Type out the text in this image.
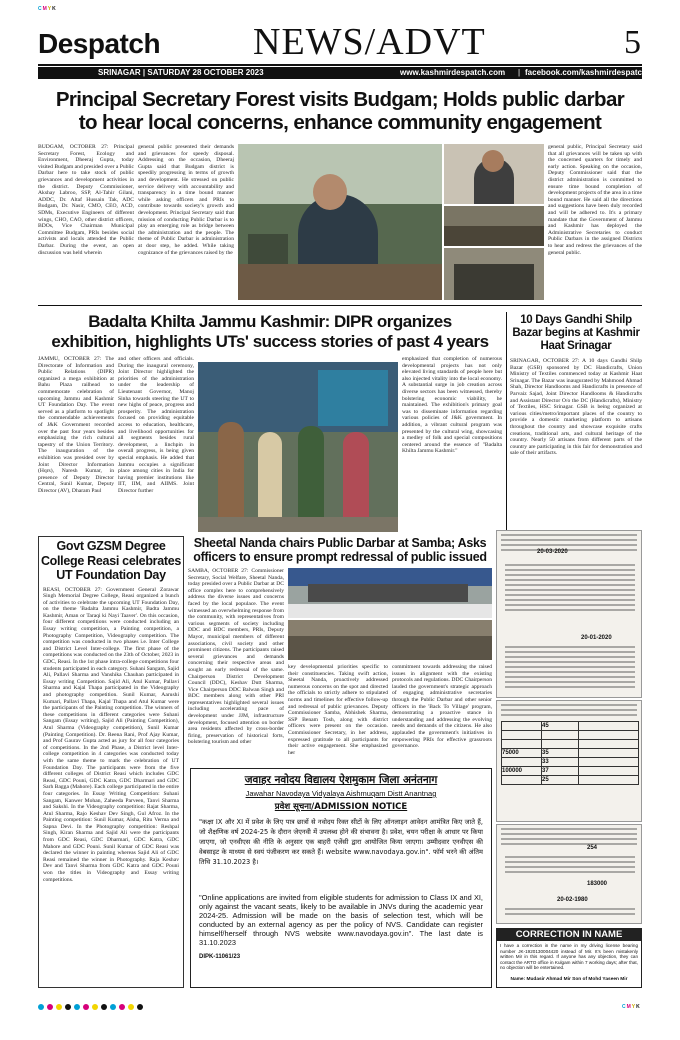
C M Y K
Despatch NEWS/ADVT	5
SRINAGAR | SATURDAY 28 OCTOBER 2023	www.kashmirdespatch.com | facebook.com/kashmirdespatch
Principal Secretary Forest visits Budgam; Holds public darbar
to hear local concerns, enhance community engagement
BUDGAM, OCTOBER 27: Principal Secretary Forest, Ecology and Environment, Dheeraj Gupta, today visited Budgam and presided over a Public Darbar here to take stock of public grievances and development activities in the district. Deputy Commissioner, Akshay Labroo, SSP, Al-Tahir Gilani, ADDC, Dr. Altaf Hussain Tak, ADC Budgam, Dr. Nasir, CMO, CEO, ACD, SDMs, Executive Engineers of different wings, CHO, CAO, other district officers, BDOs, Vice Chairman Municipal Committee Budgam, PRIs besides social activists and locals attended the Public Darbar. During the event, an open discussion was held wherein
general public presented their demands and grievances for speedy disposal. Addressing on the occasion, Dheeraj Gupta said that Budgam district is speedily progressing in terms of growth and development. He stressed on public service delivery with accountability and transparency in a time bound manner while asking officers and PRIs to contribute towards society's growth and development. Principal Secretary said that mission of conducting Public Darbar is to play an emerging role as bridge between the administration and the people. The theme of Public Darbar is administration at door step, he added. While taking cognizance of the grievances raised by the
general public, Principal Secretary said that all grievances will be taken up with the concerned quarters for timely and early action. Speaking on the occasion, Deputy Commissioner said that the district administration is committed to ensure time bound completion of development projects of the area in a time bound manner. He said all the directions and suggestions have been duly recorded and will be adhered to. It's a primary mandate that the Government of Jammu and Kashmir has deployed the Administrative Secretaries to conduct Public Darbars in the assigned Districts to hear and redress the grievances of the general public.
Badalta Khilta Jammu Kashmir: DIPR organizes
exhibition, highlights UTs' success stories of past 4 years
JAMMU, OCTOBER 27: The Directorate of Information and Public Relations (DIPR) organized a mega exhibition at Bahu Plaza railhead to commemorate celebration of upcoming Jammu and Kashmir UT Foundation Day. The event served as a platform to spotlight the commendable achievements of J&K Government recorded over the past four years besides emphasizing the rich cultural tapestry of the Union Territory. The inauguration of the exhibition was presided over by Joint Director Information (Hqrs), Naresh Kumar, in presence of Deputy Director Central, Sunil Kumar, Deputy Director (AV), Dharam Paul
and other officers and officials. During the inaugural ceremony, Joint Director highlighted the priorities of the administration under the leadership of Lieutenant Governor, Manoj Sinha towards steering the UT to new highs of peace, progress and prosperity. The administration focused on providing equitable access to education, healthcare, and livelihood opportunities for all segments besides rural development, a linchpin in overall progress, is being given special emphasis. He added that Jammu occupies a significant place among cities in India for having premier institutions like IIT, IIM, and AIIMS. Joint Director further
emphasized that completion of numerous developmental projects has not only elevated living standards of people here but also injected vitality into the local economy. A substantial surge in job creation across diverse sectors has been witnessed, thereby bolstering economic viability, he maintained. The exhibition's primary goal was to disseminate information regarding various policies of J&K government. In addition, a vibrant cultural program was presented by the cultural wing, showcasing a medley of folk and special compositions centered around the essence of "Badalta Khilta Jammu Kashmir."
10 Days Gandhi Shilp
Bazar begins at Kashmir
Haat Srinagar
SRINAGAR, OCTOBER 27: A 10 days Gandhi Shilp Bazar (GSB) sponsored by DC Handicrafts, Union Ministry of Textiles commenced today at Kashmir Haat Srinagar. The Bazar was inaugurated by Mahmood Ahmad Shah, Director Handlooms and Handicrafts in presence of Parvaiz Sajad, Joint Director Handlooms & Handicrafts and Assistant Director O/o the DC (Handicrafts), Ministry of Textiles, HSC Srinagar. GSB is being organized at various cities/metro/important places of the country to provide a domestic marketing platform to artisans throughout the country and showcase exquisite crafts creations, traditional arts, and cultural heritage of the country. Nearly 50 artisans from different parts of the country are participating in this fair for demonstration and sale of their artifacts.
20-03-2020
20-01-2020
	45	

75000	35	
	33	
100000	37	
	25	
254
183000
20-02-1980
Govt GZSM Degree
College Reasi celebrates
UT Foundation Day
REASI, OCTOBER 27: Government General Zorawar Singh Memorial Degree College, Reasi organized a bunch of activities to celebrate the upcoming UT Foundation Day, on the theme 'Badalta Jammu Kashmir, Badta Jammu Kashmir, Aman or Taraqi ki Nayi Taaver'. On this occasion, four different competitions were conducted including an Essay writing competition, a Painting competition, a Photography Competition, Videography competition. The competition was conducted in two phases i.e. Inter College and District Level Inter-college. The first phase of the competitions was conducted on the 23th of October, 2023 in GDC, Reasi. In the 1st phase intra-college competitions four students participated in each category. Suhani Sangam, Sajid Ali, Pallavi Sharma and Vanshika Chauhan participated in Essay writing Competition. Sajid Ali, Atul Kumar, Pallavi Sharma and Kajal Thapa participated in the Videography and photography competition. Sunil Kumar, Aarushi Kumari, Pallavi Thapa, Kajal Thapa and Atul Kumar were the participants of the Painting competition. The winners of these competitions in different categories were Suhani Sangam (Essay writing), Sajid Ali (Painting Competition), Atul Sharma (Videography competition), Sunil Kumar (Painting Competition). Dr. Reena Rani, Prof Ajay Kumar, and Prof Gaurav Gupta acted as jury for all four categories of competitions. In the 2nd Phase, a District level Inter-college competition in 4 categories was conducted today with the same theme to mark the celebration of UT Foundation Day. The participants were from the five different colleges of District Reasi which includes GDC Reasi, GDC Pouni, GDC Katra, GDC Dharmari and GDC Sarh Bagga (Mahore). Each college participated in the entire four categories. In Essay Writing Competition: Suhani Sangam, Kanwer Mohan, Zaheeda Parveen, Tanvi Sharma and Sakshi. In the Videography competition: Rajat Sharma, Atul Sharma, Rajo Keshav Dev Singh, Gul Afroz. In the Painting competition: Sunil Kumar, Aisha, Ritu Verma and Sapna Devi. In the Photography competition: Reshpal Singh, Kiran Sharma and Sajid Ali were the participants from GDC Reasi, GDC Dharmari, GDC Katra, GDC Mahore and GDC Pouni. Sunil Kumar of GDC Reasi was declared the winner in painting whereas Sajid Ali of GDC Reasi remained the winner in Photography. Raja Keshav Dev and Tanvi Sharma from GDC Katra and GDC Pouni won the titles in Videography and Essay writing competitions.
Sheetal Nanda chairs Public Darbar at Samba; Asks
officers to ensure prompt redressal of public issued
SAMBA, OCTOBER 27: Commissioner Secretary, Social Welfare, Sheetal Nanda, today presided over a Public Darbar at DC office complex here to comprehensively address the diverse issues and concerns faced by the local populace. The event witnessed an overwhelming response from the community, with representatives from various segments of society including DDC and BDC members, PRIs, Deputy Mayor, municipal members of different associations, civil society and other prominent citizens. The participants raised several grievances and demands concerning their respective areas and sought an early redressal of the same. Chairperson District Development Council (DDC), Keshav Dutt Sharma, Vice Chairperson DDC Balwan Singh and BDC members along with other PRI representatives highlighted several issues including accelerating pace of development under JJM, infrastructure development, focused attention on border area residents affected by cross-border firing, preservation of historical forts, bolstering tourism and other
key developmental priorities specific to their constituencies. Taking swift action, Sheetal Nanda, proactively addressed numerous concerns on the spot and directed the officials to strictly adhere to stipulated norms and timelines for effective follow-up and redressal of public grievances. Deputy Commissioner Samba, Abhishek Sharma, SSP Benam Tosh, along with district officers were present on the occasion. Commissioner Secretary, in her address, expressed gratitude to all participants for their active engagement. She emphasized her
commitment towards addressing the raised issues in alignment with the existing protocols and regulations. DDC Chairperson lauded the government's strategic approach of engaging administrative secretaries through the Public Darbar and other senior officers in the 'Back To Village' program, demonstrating a proactive stance in understanding and addressing the evolving needs and demands of the citizens. He also applauded the government's initiatives in empowering PRIs for effective grassroots governance.
जवाहर नवोदय विद्यालय ऐशमुकाम जिला अनंतनाग
Jawahar Navodaya Vidyalaya Aishmuqam Distt Anantnag
प्रवेश सूचना/ADMISSION NOTICE
"कक्षा IX और XI में प्रवेश के लिए पात्र छात्रों से नवोदय रिक्त सीटों के लिए ऑनलाइन आवेदन आमंत्रित किए जाते हैं, जो शैक्षणिक वर्ष 2024-25 के दौरान जेएनवी में उपलब्ध होने की संभावना है। प्रवेश, चयन परीक्षा के आधार पर किया जाएगा, जो एनवीएस की नीति के अनुसार एक बाहरी एजेंसी द्वारा आयोजित किया जाएगा। उम्मीदवार एनवीएस की वेबसाइट के माध्यम से स्वयं पंजीकरण कर सकते हैं। website www.navodaya.gov.in". फॉर्म भरने की अंतिम तिथि 31.10.2023 है।
"Online applications are invited from eligible students for admission to Class IX and XI, only against the vacant seats, likely to be available in JNVs during the academic year 2024-25. Admission will be made on the basis of selection test, which will be conducted by an external agency as per the policy of NVS. Candidate can register himself/herself through NVS website www.navodaya.gov.in". The last date is 31.10.2023
DIPK-11061/23
CORRECTION IN NAME
I have a correction in the name in my driving license bearing number JK-1920130004420 instead of Mir. It's been mistakenly written Mir in this regard. If anyone has any objection, they can contact the ARTO office in Kulgam within 7 working days; after that, no objection will be entertained.
Name: Mudasir Ahmad Mir Son of Mohd Yaseen Mir
C M Y K
